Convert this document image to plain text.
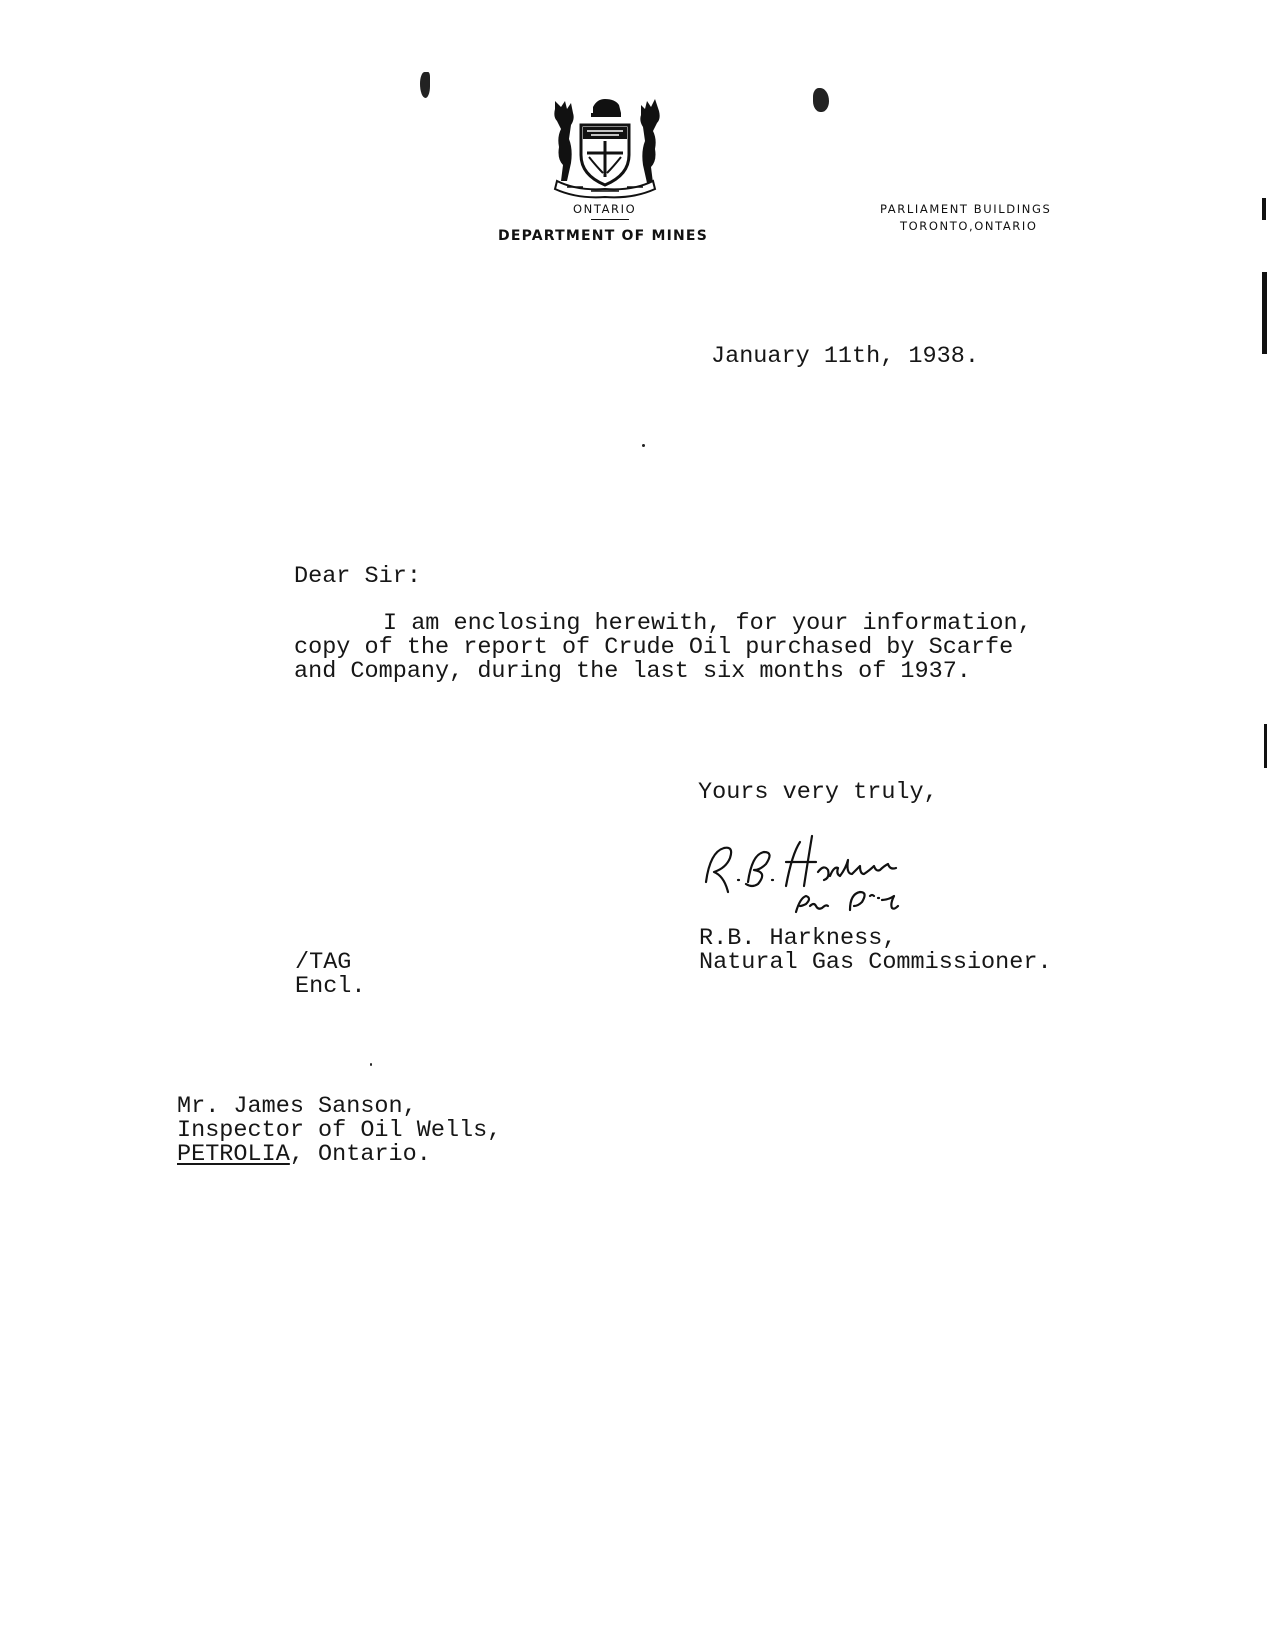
ONTARIO
DEPARTMENT OF MINES
PARLIAMENT BUILDINGS
TORONTO,ONTARIO
January 11th, 1938.
Dear Sir:
I am enclosing herewith, for your information,
copy of the report of Crude Oil purchased by Scarfe
and Company, during the last six months of 1937.
Yours very truly,
R.B. Harkness,
Natural Gas Commissioner.
/TAG
Encl.
Mr. James Sanson,
Inspector of Oil Wells,
PETROLIA, Ontario.
